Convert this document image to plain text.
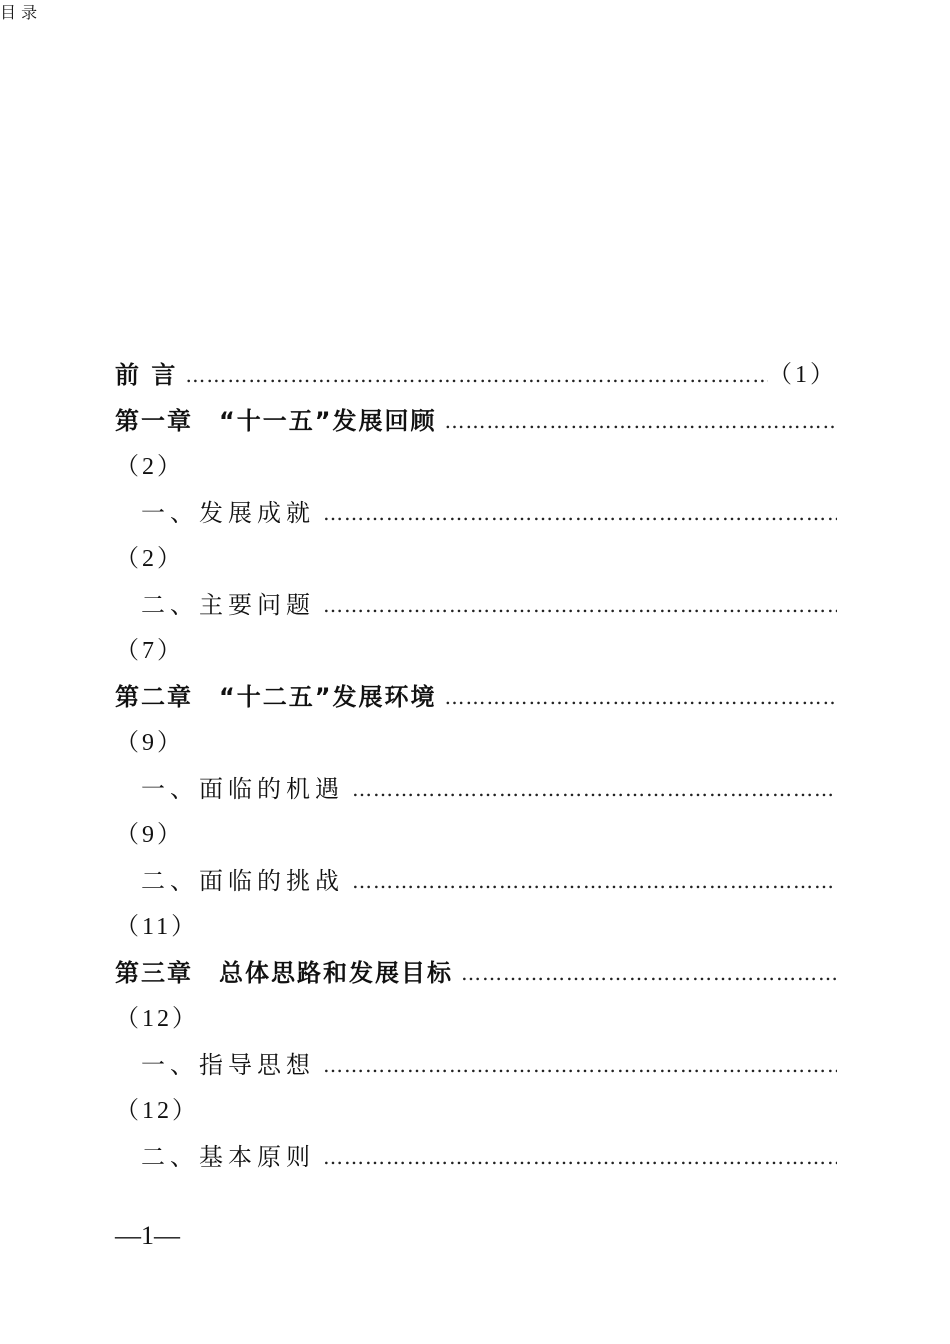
目 录
前 言
……………………………………………………………………………………………………………………………………………	（1）
第一章　“十一五”发展回顾
……………………………………………………………………………………………………………………………………………
（2）
一、发展成就
……………………………………………………………………………………………………………………………………………
（2）
二、主要问题
……………………………………………………………………………………………………………………………………………
（7）
第二章　“十二五”发展环境
……………………………………………………………………………………………………………………………………………
（9）
一、面临的机遇
……………………………………………………………………………………………………………………………………………
（9）
二、面临的挑战
……………………………………………………………………………………………………………………………………………
（11）
第三章　总体思路和发展目标
……………………………………………………………………………………………………………………………………………
（12）
一、指导思想
……………………………………………………………………………………………………………………………………………
（12）
二、基本原则
……………………………………………………………………………………………………………………………………………
—1—
